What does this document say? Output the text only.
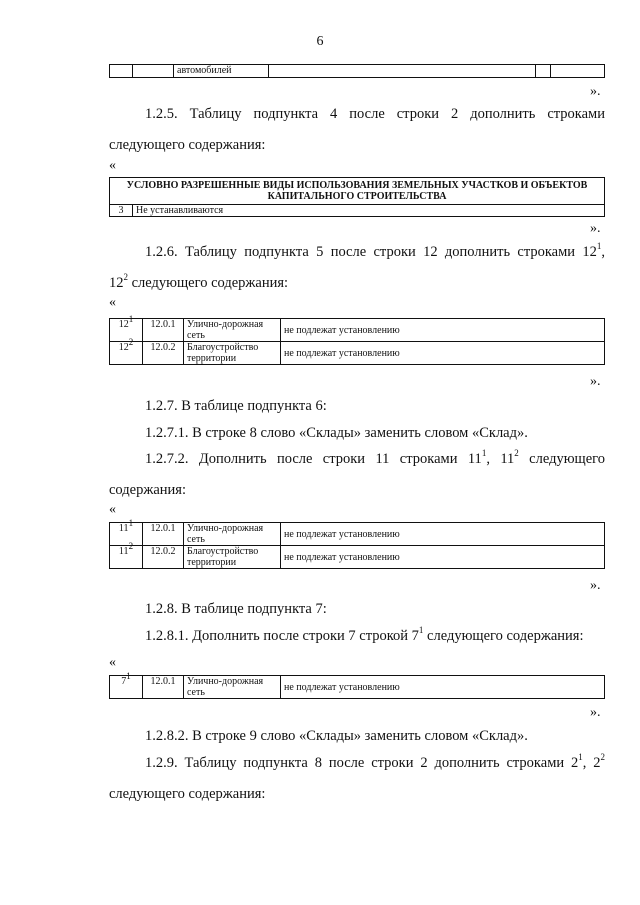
6
		автомобилей			
».
1.2.5. Таблицу подпункта 4 после строки 2 дополнить строками
следующего содержания:
«
УСЛОВНО РАЗРЕШЕННЫЕ ВИДЫ ИСПОЛЬЗОВАНИЯ ЗЕМЕЛЬНЫХ УЧАСТКОВ И ОБЪЕКТОВ КАПИТАЛЬНОГО СТРОИТЕЛЬСТВА
3	Не устанавливаются
».
1.2.6. Таблицу подпункта 5 после строки 12 дополнить строками $12^1$,
$12^2$ следующего содержания:
«
$12^1$	12.0.1	Улично-дорожная сеть	не подлежат установлению
$12^2$	12.0.2	Благоустройство территории	не подлежат установлению
».
1.2.7. В таблице подпункта 6:
1.2.7.1. В строке 8 слово «Склады» заменить словом «Склад».
1.2.7.2. Дополнить после строки 11 строками $11^1$, $11^2$ следующего
содержания:
«
$11^1$	12.0.1	Улично-дорожная сеть	не подлежат установлению
$11^2$	12.0.2	Благоустройство территории	не подлежат установлению
».
1.2.8. В таблице подпункта 7:
1.2.8.1. Дополнить после строки 7 строкой $7^1$ следующего содержания:
«
$7^1$	12.0.1	Улично-дорожная сеть	не подлежат установлению
».
1.2.8.2. В строке 9 слово «Склады» заменить словом «Склад».
1.2.9. Таблицу подпункта 8 после строки 2 дополнить строками $2^1$, $2^2$
следующего содержания:
